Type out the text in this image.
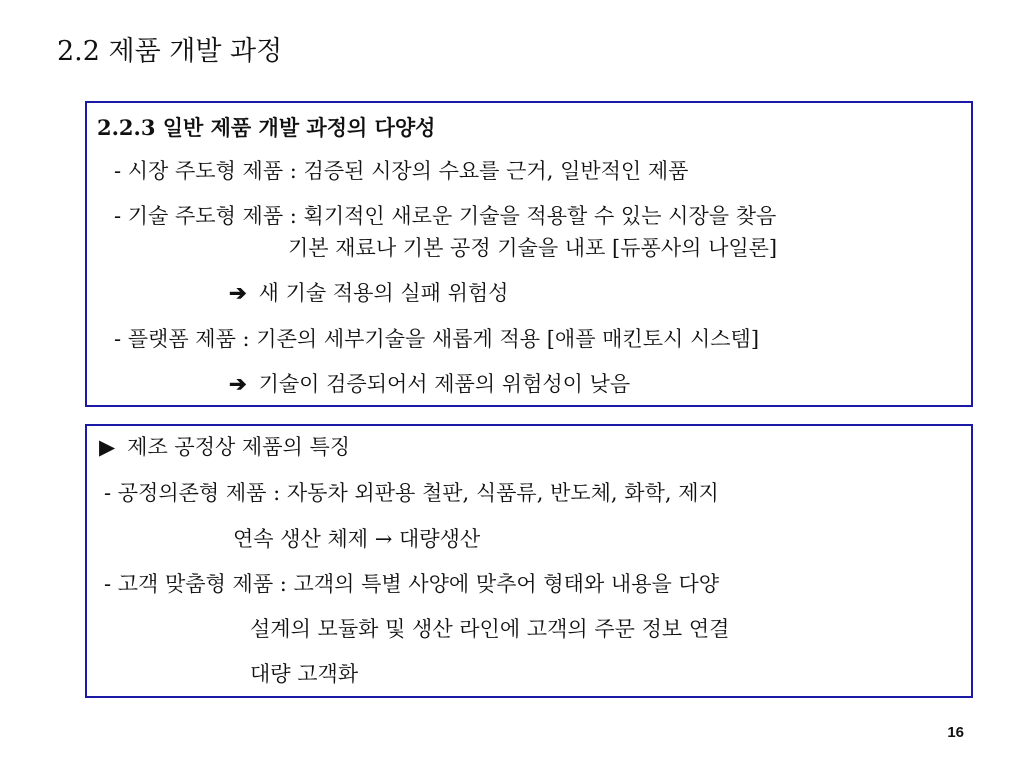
2.2 제품 개발 과정
2.2.3 일반 제품 개발 과정의 다양성
- 시장 주도형 제품 : 검증된 시장의 수요를 근거, 일반적인 제품
- 기술 주도형 제품 : 획기적인 새로운 기술을 적용할 수 있는 시장을 찾음
기본 재료나 기본 공정 기술을 내포 [듀퐁사의 나일론]
➔ 새 기술 적용의 실패 위험성
- 플랫폼 제품 : 기존의 세부기술을 새롭게 적용 [애플 매킨토시 시스템]
➔ 기술이 검증되어서 제품의 위험성이 낮음
▶ 제조 공정상 제품의 특징
- 공정의존형 제품 : 자동차 외판용 철판, 식품류, 반도체, 화학, 제지
연속 생산 체제 → 대량생산
- 고객 맞춤형 제품 : 고객의 특별 사양에 맞추어 형태와 내용을 다양
설계의 모듈화 및 생산 라인에 고객의 주문 정보 연결
대량 고객화
16
